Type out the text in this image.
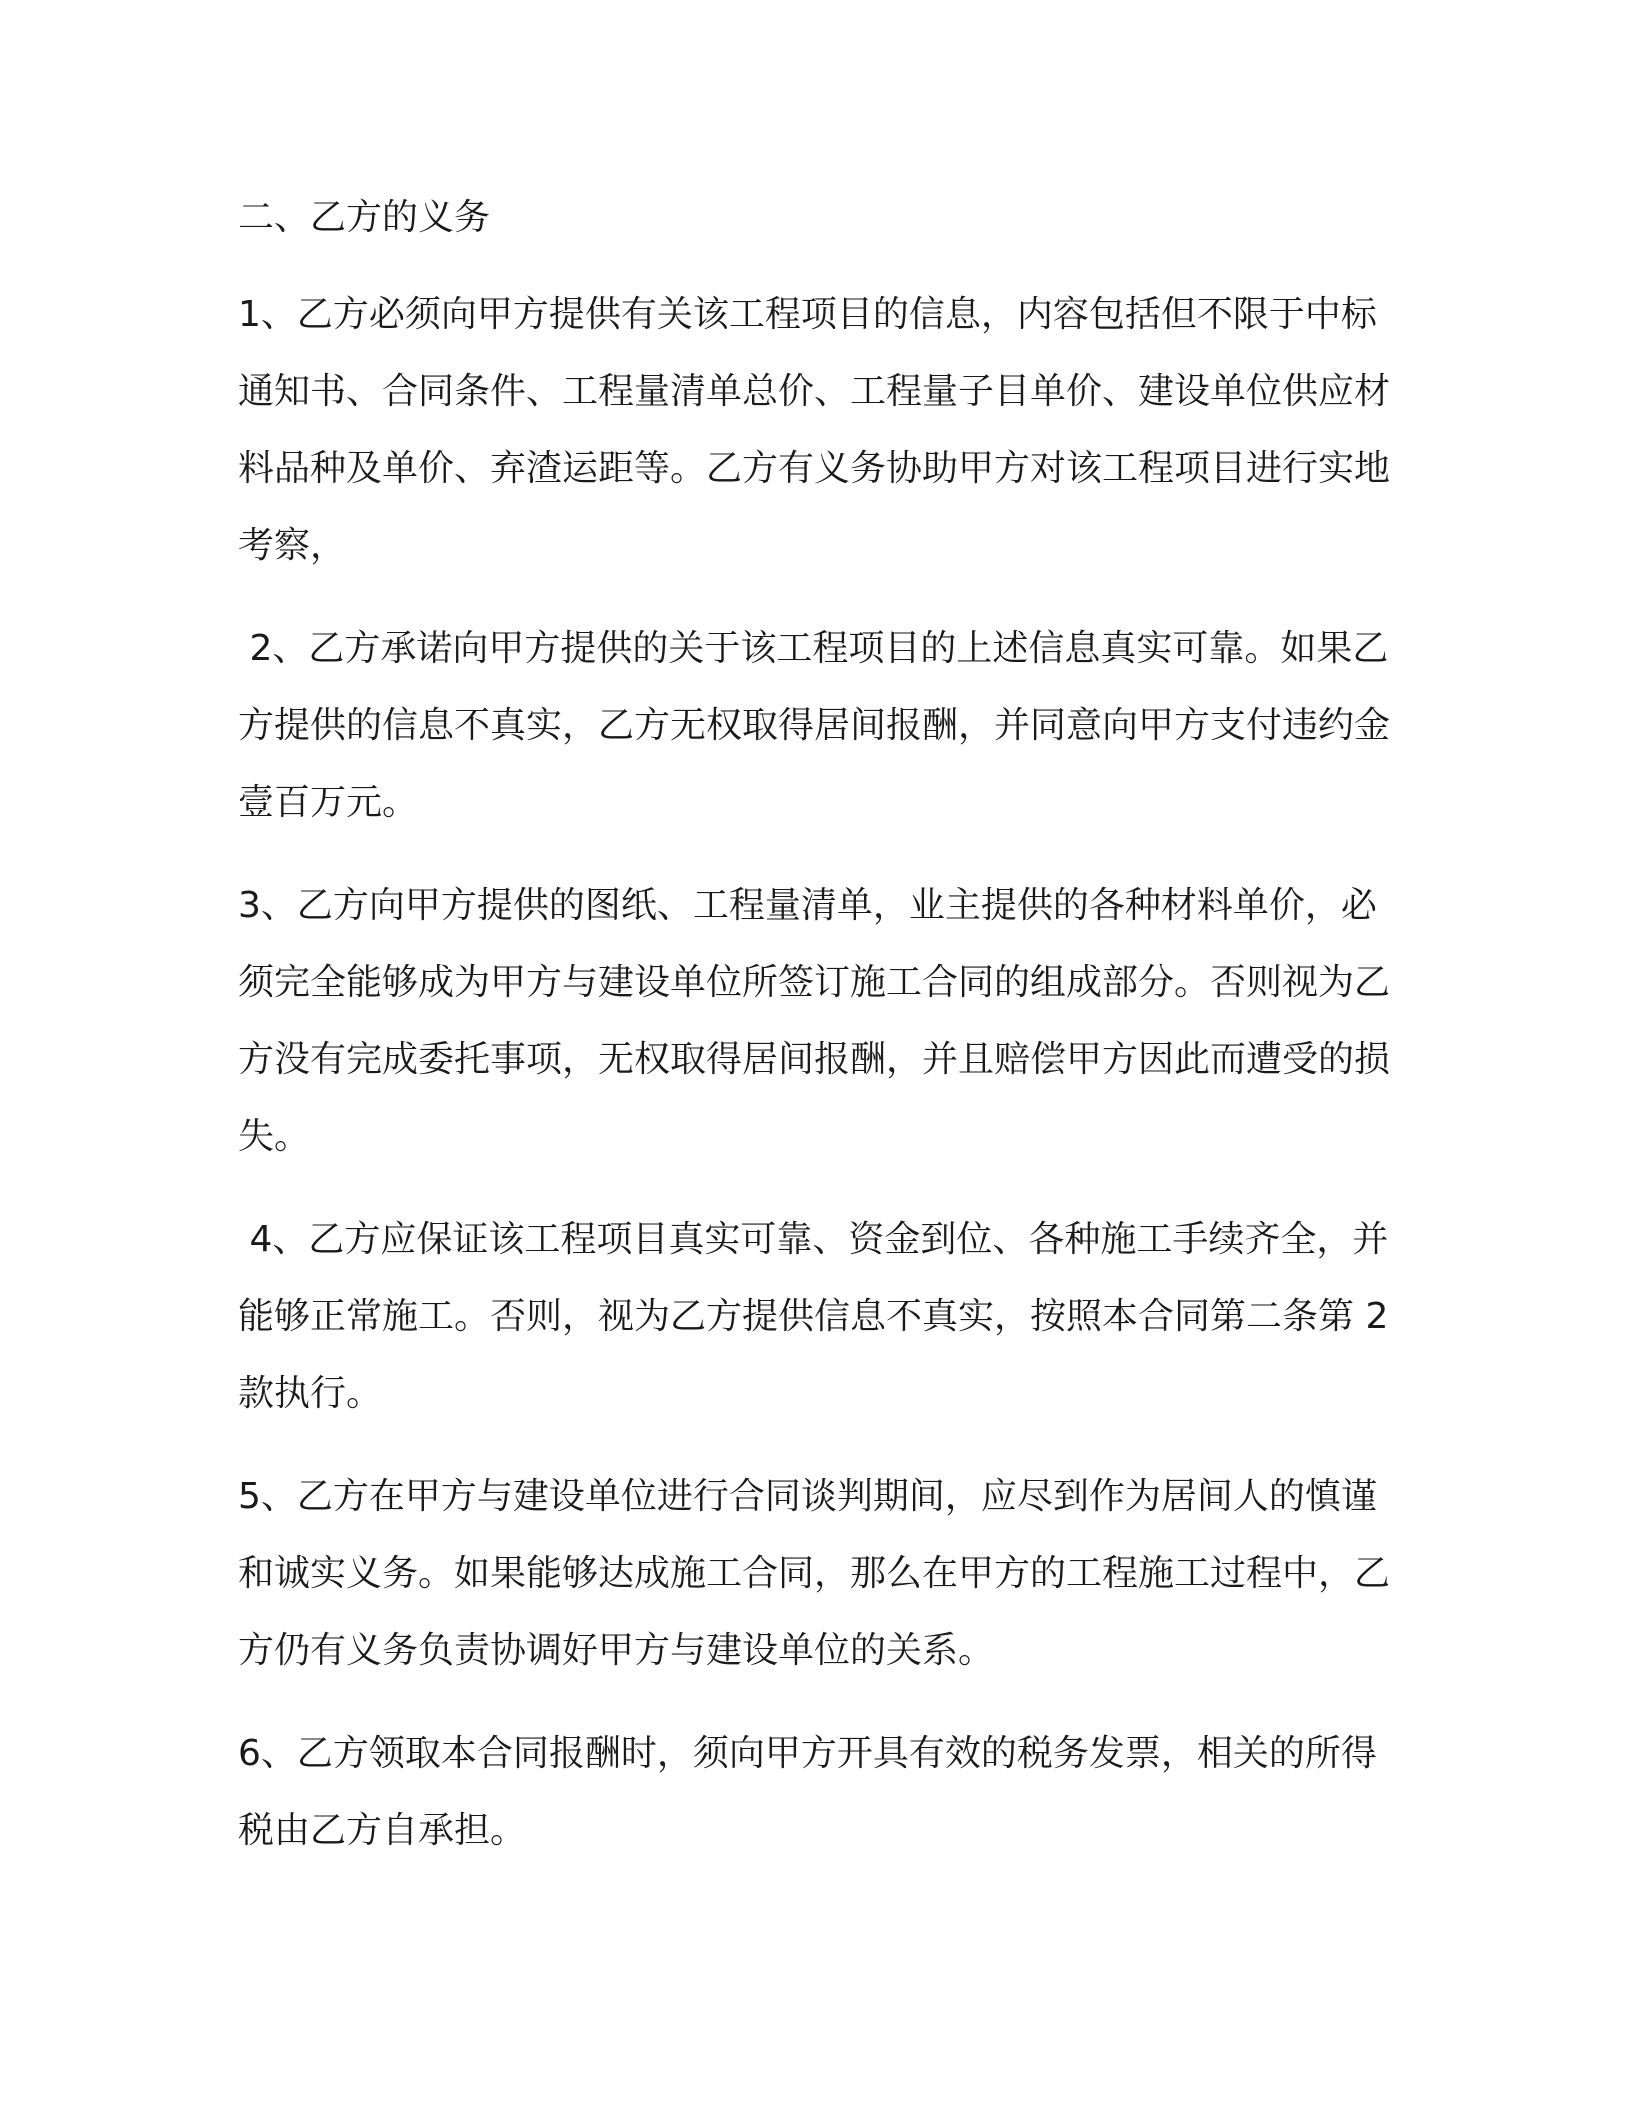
二、乙方的义务

1、乙方必须向甲方提供有关该工程项目的信息，内容包括但不限于中标通知书、合同条件、工程量清单总价、工程量子目单价、建设单位供应材料品种及单价、弃渣运距等。乙方有义务协助甲方对该工程项目进行实地考察，

2、乙方承诺向甲方提供的关于该工程项目的上述信息真实可靠。如果乙方提供的信息不真实，乙方无权取得居间报酬，并同意向甲方支付违约金壹百万元。

3、乙方向甲方提供的图纸、工程量清单，业主提供的各种材料单价，必须完全能够成为甲方与建设单位所签订施工合同的组成部分。否则视为乙方没有完成委托事项，无权取得居间报酬，并且赔偿甲方因此而遭受的损失。

4、乙方应保证该工程项目真实可靠、资金到位、各种施工手续齐全，并能够正常施工。否则，视为乙方提供信息不真实，按照本合同第二条第 2 款执行。

5、乙方在甲方与建设单位进行合同谈判期间，应尽到作为居间人的慎谨和诚实义务。如果能够达成施工合同，那么在甲方的工程施工过程中，乙方仍有义务负责协调好甲方与建设单位的关系。

6、乙方领取本合同报酬时，须向甲方开具有效的税务发票，相关的所得税由乙方自承担。
